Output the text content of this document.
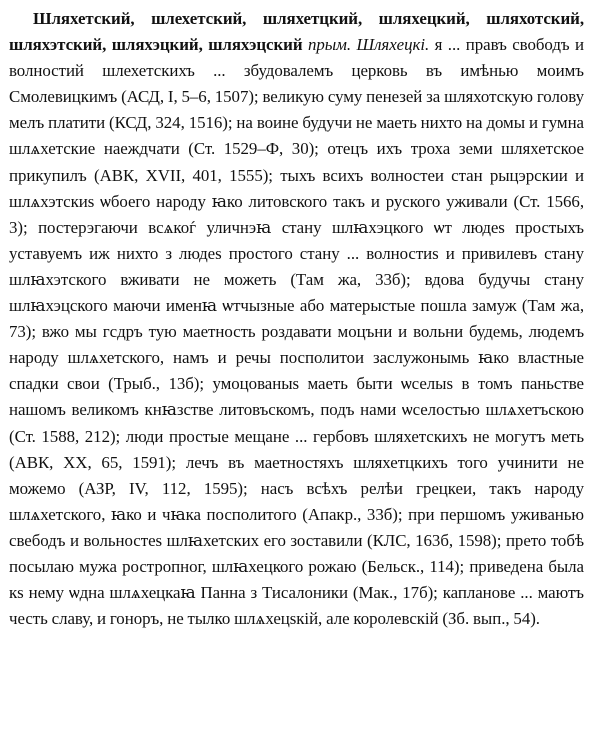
Шляхетский, шлехетский, шляхетцкий, шляхецкий, шляхотский, шляхэтский, шляхэцкий, шляхэцский прым. Шляхецкі. я ... правъ свободъ и волностий шлехетскихъ ... збудовалемъ церковь въ имѣнью моимъ Смолевицкимъ (АСД, I, 5–6, 1507); великую суму пенезей за шляхотскую голову мелъ платити (КСД, 324, 1516); на воине будучи не маеть нихто на домы и гумна шлѧхетские наеждчати (Ст. 1529–Ф, 30); отецъ ихъ троха земи шляхетское прикупилъ (АВК, XVII, 401, 1555); тыхъ всихъ волностеи стан рыцэрскии и шлѧхэтскиѕ ѡбоего народу ꙗко литовского такъ и руского уживали (Ст. 1566, 3); постерэгаючи всѧкоѓ уличнэꙗ стану шлꙗхэцкого ѡт людеѕ простыхъ уставуемъ иж нихто з людеѕ простого стану ... волностиѕ и привилевъ стану шлꙗхэтского вживати не можеть (Там жа, 33б); вдова будучы стану шлꙗхэцского маючи именꙗ ѡтчызные або матерыстые пошла замуж (Там жа, 73); вжо мы гсдръ тую маетность роздавати моцъни и вольни будемь, людемъ народу шлѧхетского, намъ и речы посполитои заслужонымь ꙗко властные спадки свои (Трыб., 13б); умоцованыѕ маеть быти ѡселыѕ в томъ паньстве нашомъ великомъ кнꙗзстве литовъскомъ, подъ нами ѡселостью шлѧхетъскою (Ст. 1588, 212); люди простые мещане ... гербовъ шляхетскихъ не могутъ меть (АВК, XX, 65, 1591); лечъ въ маетностяхъ шляхетцкихъ того учинити не можемо (АЗР, IV, 112, 1595); насъ всѣхъ релѣи грецкеи, такъ народу шлѧхетского, ꙗко и чꙗка посполитого (Апакр., 33б); при першомъ уживанью свебодъ и вольностеѕ шлꙗхетских его зоставили (КЛС, 163б, 1598); прето тобѣ посылаю мужа ростропног, шлꙗхецкого рожаю (Бельск., 114); приведена была кѕ нему ѡдна шлѧхецкаꙗ Панна з Тисалоники (Мак., 17б); капланове ... маютъ честь славу, и гоноръ, не тылко шлѧхецѕкій, але королевскій (Зб. вып., 54).
